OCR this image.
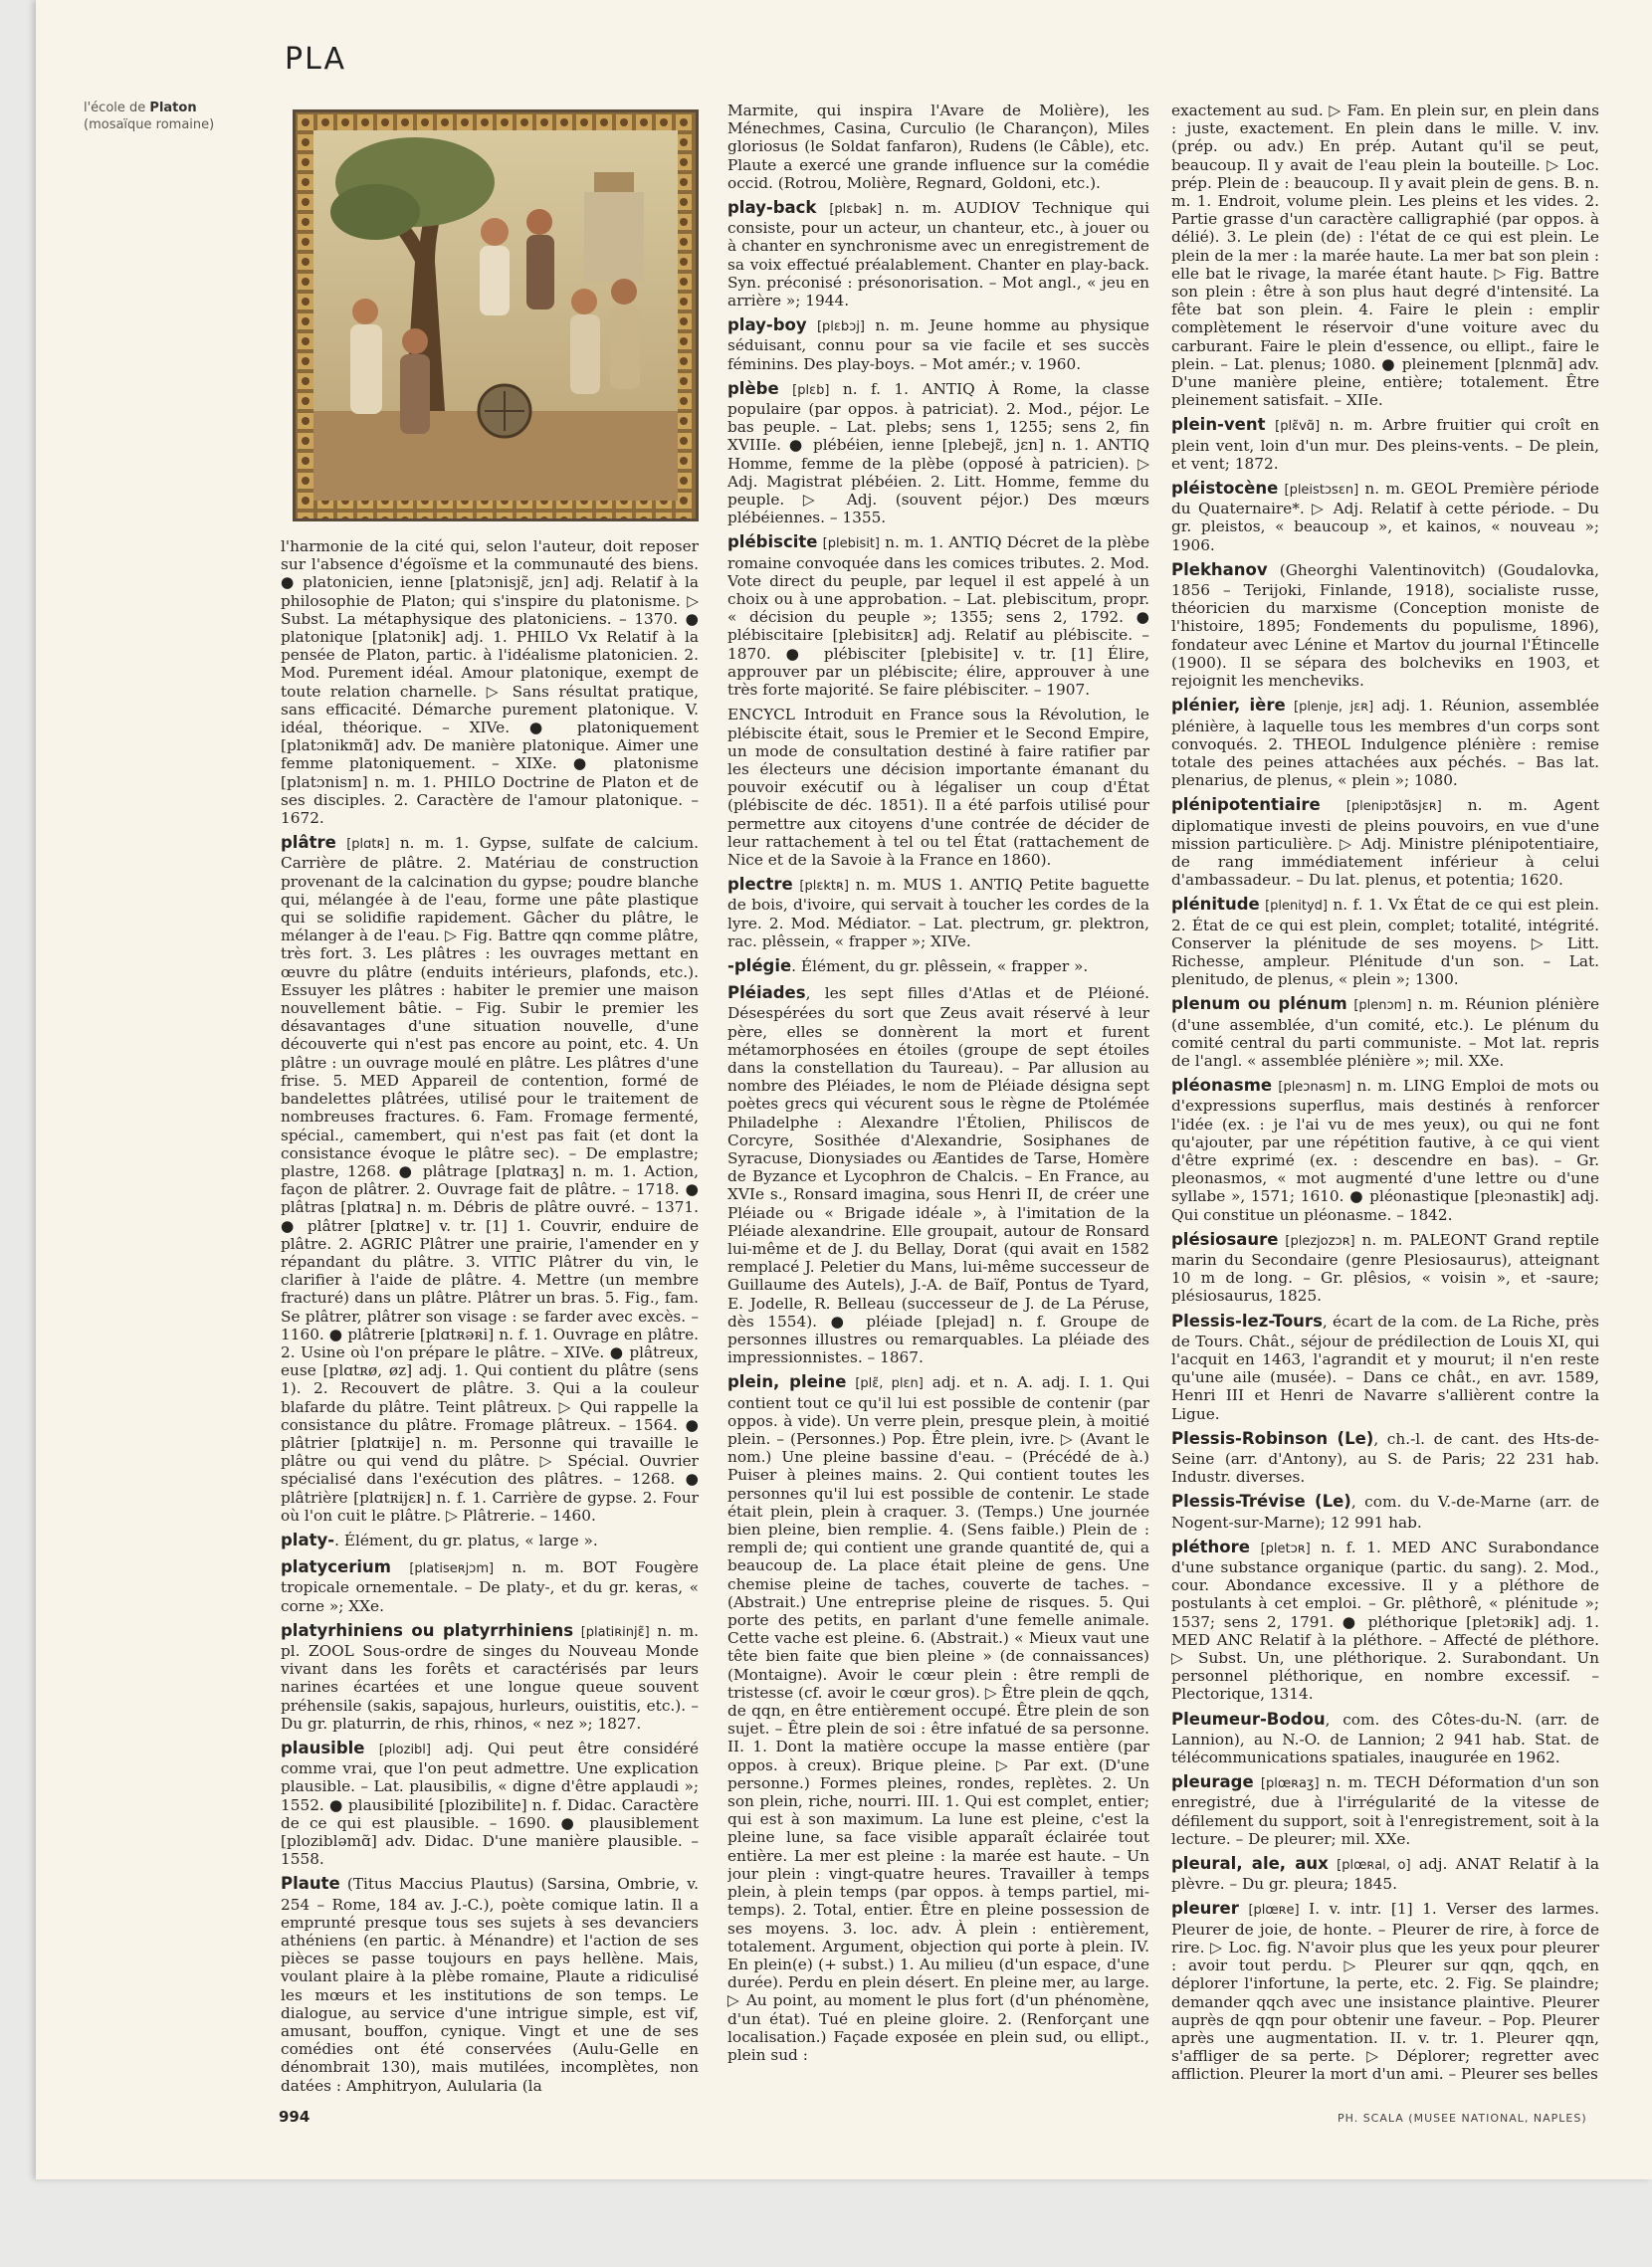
PLA
l'école de Platon
(mosaïque romaine)

l'harmonie de la cité qui, selon l'auteur, doit reposer sur l'absence d'égoïsme et la communauté des biens. ● platonicien, ienne [platɔnisjɛ̃, jɛn] adj. Relatif à la philosophie de Platon; qui s'inspire du platonisme. ▷ Subst. La métaphysique des platoniciens. – 1370. ● platonique [platɔnik] adj. 1. PHILO Vx Relatif à la pensée de Platon, partic. à l'idéalisme platonicien. 2. Mod. Purement idéal. Amour platonique, exempt de toute relation charnelle. ▷ Sans résultat pratique, sans efficacité. Démarche purement platonique. V. idéal, théorique. – XIVe. ● platoniquement [platɔnikmɑ̃] adv. De manière platonique. Aimer une femme platoniquement. – XIXe. ● platonisme [platɔnism] n. m. 1. PHILO Doctrine de Platon et de ses disciples. 2. Caractère de l'amour platonique. – 1672.

plâtre [plɑtʀ] n. m. 1. Gypse, sulfate de calcium. Carrière de plâtre. 2. Matériau de construction provenant de la calcination du gypse; poudre blanche qui, mélangée à de l'eau, forme une pâte plastique qui se solidifie rapidement. Gâcher du plâtre, le mélanger à de l'eau. ▷ Fig. Battre qqn comme plâtre, très fort. 3. Les plâtres : les ouvrages mettant en œuvre du plâtre (enduits intérieurs, plafonds, etc.). Essuyer les plâtres : habiter le premier une maison nouvellement bâtie. – Fig. Subir le premier les désavantages d'une situation nouvelle, d'une découverte qui n'est pas encore au point, etc. 4. Un plâtre : un ouvrage moulé en plâtre. Les plâtres d'une frise. 5. MED Appareil de contention, formé de bandelettes plâtrées, utilisé pour le traitement de nombreuses fractures. 6. Fam. Fromage fermenté, spécial., camembert, qui n'est pas fait (et dont la consistance évoque le plâtre sec). – De emplastre; plastre, 1268. ● plâtrage [plɑtʀaʒ] n. m. 1. Action, façon de plâtrer. 2. Ouvrage fait de plâtre. – 1718. ● plâtras [plɑtʀa] n. m. Débris de plâtre ouvré. – 1371. ● plâtrer [plɑtʀe] v. tr. [1] 1. Couvrir, enduire de plâtre. 2. AGRIC Plâtrer une prairie, l'amender en y répandant du plâtre. 3. VITIC Plâtrer du vin, le clarifier à l'aide de plâtre. 4. Mettre (un membre fracturé) dans un plâtre. Plâtrer un bras. 5. Fig., fam. Se plâtrer, plâtrer son visage : se farder avec excès. – 1160. ● plâtrerie [plɑtʀəʀi] n. f. 1. Ouvrage en plâtre. 2. Usine où l'on prépare le plâtre. – XIVe. ● plâtreux, euse [plɑtʀø, øz] adj. 1. Qui contient du plâtre (sens 1). 2. Recouvert de plâtre. 3. Qui a la couleur blafarde du plâtre. Teint plâtreux. ▷ Qui rappelle la consistance du plâtre. Fromage plâtreux. – 1564. ● plâtrier [plɑtʀije] n. m. Personne qui travaille le plâtre ou qui vend du plâtre. ▷ Spécial. Ouvrier spécialisé dans l'exécution des plâtres. – 1268. ● plâtrière [plɑtʀijɛʀ] n. f. 1. Carrière de gypse. 2. Four où l'on cuit le plâtre. ▷ Plâtrerie. – 1460.

platy-. Élément, du gr. platus, « large ».

platycerium [platiseʀjɔm] n. m. BOT Fougère tropicale ornementale. – De platy-, et du gr. keras, « corne »; XXe.

platyrhiniens ou platyrrhiniens [platiʀinjɛ̃] n. m. pl. ZOOL Sous-ordre de singes du Nouveau Monde vivant dans les forêts et caractérisés par leurs narines écartées et une longue queue souvent préhensile (sakis, sapajous, hurleurs, ouistitis, etc.). – Du gr. platurrin, de rhis, rhinos, « nez »; 1827.

plausible [plozibl] adj. Qui peut être considéré comme vrai, que l'on peut admettre. Une explication plausible. – Lat. plausibilis, « digne d'être applaudi »; 1552. ● plausibilité [plozibilite] n. f. Didac. Caractère de ce qui est plausible. – 1690. ● plausiblement [plozibləmɑ̃] adv. Didac. D'une manière plausible. – 1558.

Plaute (Titus Maccius Plautus) (Sarsina, Ombrie, v. 254 – Rome, 184 av. J.-C.), poète comique latin. Il a emprunté presque tous ses sujets à ses devanciers athéniens (en partic. à Ménandre) et l'action de ses pièces se passe toujours en pays hellène. Mais, voulant plaire à la plèbe romaine, Plaute a ridiculisé les mœurs et les institutions de son temps. Le dialogue, au service d'une intrigue simple, est vif, amusant, bouffon, cynique. Vingt et une de ses comédies ont été conservées (Aulu-Gelle en dénombrait 130), mais mutilées, incomplètes, non datées : Amphitryon, Aulularia (la

Marmite, qui inspira l'Avare de Molière), les Ménechmes, Casina, Curculio (le Charançon), Miles gloriosus (le Soldat fanfaron), Rudens (le Câble), etc. Plaute a exercé une grande influence sur la comédie occid. (Rotrou, Molière, Regnard, Goldoni, etc.).

play-back [plɛbak] n. m. AUDIOV Technique qui consiste, pour un acteur, un chanteur, etc., à jouer ou à chanter en synchronisme avec un enregistrement de sa voix effectué préalablement. Chanter en play-back. Syn. préconisé : présonorisation. – Mot angl., « jeu en arrière »; 1944.

play-boy [plɛbɔj] n. m. Jeune homme au physique séduisant, connu pour sa vie facile et ses succès féminins. Des play-boys. – Mot amér.; v. 1960.

plèbe [plɛb] n. f. 1. ANTIQ À Rome, la classe populaire (par oppos. à patriciat). 2. Mod., péjor. Le bas peuple. – Lat. plebs; sens 1, 1255; sens 2, fin XVIIIe. ● plébéien, ienne [plebejɛ̃, jɛn] n. 1. ANTIQ Homme, femme de la plèbe (opposé à patricien). ▷ Adj. Magistrat plébéien. 2. Litt. Homme, femme du peuple. ▷ Adj. (souvent péjor.) Des mœurs plébéiennes. – 1355.

plébiscite [plebisit] n. m. 1. ANTIQ Décret de la plèbe romaine convoquée dans les comices tributes. 2. Mod. Vote direct du peuple, par lequel il est appelé à un choix ou à une approbation. – Lat. plebiscitum, propr. « décision du peuple »; 1355; sens 2, 1792. ● plébiscitaire [plebisitɛʀ] adj. Relatif au plébiscite. – 1870. ● plébisciter [plebisite] v. tr. [1] Élire, approuver par un plébiscite; élire, approuver à une très forte majorité. Se faire plébisciter. – 1907.

ENCYCL Introduit en France sous la Révolution, le plébiscite était, sous le Premier et le Second Empire, un mode de consultation destiné à faire ratifier par les électeurs une décision importante émanant du pouvoir exécutif ou à légaliser un coup d'État (plébiscite de déc. 1851). Il a été parfois utilisé pour permettre aux citoyens d'une contrée de décider de leur rattachement à tel ou tel État (rattachement de Nice et de la Savoie à la France en 1860).

plectre [plɛktʀ] n. m. MUS 1. ANTIQ Petite baguette de bois, d'ivoire, qui servait à toucher les cordes de la lyre. 2. Mod. Médiator. – Lat. plectrum, gr. plektron, rac. plêssein, « frapper »; XIVe.

-plégie. Élément, du gr. plêssein, « frapper ».

Pléiades, les sept filles d'Atlas et de Pléioné. Désespérées du sort que Zeus avait réservé à leur père, elles se donnèrent la mort et furent métamorphosées en étoiles (groupe de sept étoiles dans la constellation du Taureau). – Par allusion au nombre des Pléiades, le nom de Pléiade désigna sept poètes grecs qui vécurent sous le règne de Ptolémée Philadelphe : Alexandre l'Étolien, Philiscos de Corcyre, Sosithée d'Alexandrie, Sosiphanes de Syracuse, Dionysiades ou Æantides de Tarse, Homère de Byzance et Lycophron de Chalcis. – En France, au XVIe s., Ronsard imagina, sous Henri II, de créer une Pléiade ou « Brigade idéale », à l'imitation de la Pléiade alexandrine. Elle groupait, autour de Ronsard lui-même et de J. du Bellay, Dorat (qui avait en 1582 remplacé J. Peletier du Mans, lui-même successeur de Guillaume des Autels), J.-A. de Baïf, Pontus de Tyard, E. Jodelle, R. Belleau (successeur de J. de La Péruse, dès 1554). ● pléiade [plejad] n. f. Groupe de personnes illustres ou remarquables. La pléiade des impressionnistes. – 1867.

plein, pleine [plɛ̃, plɛn] adj. et n. A. adj. I. 1. Qui contient tout ce qu'il lui est possible de contenir (par oppos. à vide). Un verre plein, presque plein, à moitié plein. – (Personnes.) Pop. Être plein, ivre. ▷ (Avant le nom.) Une pleine bassine d'eau. – (Précédé de à.) Puiser à pleines mains. 2. Qui contient toutes les personnes qu'il lui est possible de contenir. Le stade était plein, plein à craquer. 3. (Temps.) Une journée bien pleine, bien remplie. 4. (Sens faible.) Plein de : rempli de; qui contient une grande quantité de, qui a beaucoup de. La place était pleine de gens. Une chemise pleine de taches, couverte de taches. – (Abstrait.) Une entreprise pleine de risques. 5. Qui porte des petits, en parlant d'une femelle animale. Cette vache est pleine. 6. (Abstrait.) « Mieux vaut une tête bien faite que bien pleine » (de connaissances) (Montaigne). Avoir le cœur plein : être rempli de tristesse (cf. avoir le cœur gros). ▷ Être plein de qqch, de qqn, en être entièrement occupé. Être plein de son sujet. – Être plein de soi : être infatué de sa personne. II. 1. Dont la matière occupe la masse entière (par oppos. à creux). Brique pleine. ▷ Par ext. (D'une personne.) Formes pleines, rondes, replètes. 2. Un son plein, riche, nourri. III. 1. Qui est complet, entier; qui est à son maximum. La lune est pleine, c'est la pleine lune, sa face visible apparaît éclairée tout entière. La mer est pleine : la marée est haute. – Un jour plein : vingt-quatre heures. Travailler à temps plein, à plein temps (par oppos. à temps partiel, mi-temps). 2. Total, entier. Être en pleine possession de ses moyens. 3. loc. adv. À plein : entièrement, totalement. Argument, objection qui porte à plein. IV. En plein(e) (+ subst.) 1. Au milieu (d'un espace, d'une durée). Perdu en plein désert. En pleine mer, au large. ▷ Au point, au moment le plus fort (d'un phénomène, d'un état). Tué en pleine gloire. 2. (Renforçant une localisation.) Façade exposée en plein sud, ou ellipt., plein sud :

exactement au sud. ▷ Fam. En plein sur, en plein dans : juste, exactement. En plein dans le mille. V. inv. (prép. ou adv.) En prép. Autant qu'il se peut, beaucoup. Il y avait de l'eau plein la bouteille. ▷ Loc. prép. Plein de : beaucoup. Il y avait plein de gens. B. n. m. 1. Endroit, volume plein. Les pleins et les vides. 2. Partie grasse d'un caractère calligraphié (par oppos. à délié). 3. Le plein (de) : l'état de ce qui est plein. Le plein de la mer : la marée haute. La mer bat son plein : elle bat le rivage, la marée étant haute. ▷ Fig. Battre son plein : être à son plus haut degré d'intensité. La fête bat son plein. 4. Faire le plein : emplir complètement le réservoir d'une voiture avec du carburant. Faire le plein d'essence, ou ellipt., faire le plein. – Lat. plenus; 1080. ● pleinement [plɛnmɑ̃] adv. D'une manière pleine, entière; totalement. Être pleinement satisfait. – XIIe.

plein-vent [plɛ̃vɑ̃] n. m. Arbre fruitier qui croît en plein vent, loin d'un mur. Des pleins-vents. – De plein, et vent; 1872.

pléistocène [pleistɔsɛn] n. m. GEOL Première période du Quaternaire*. ▷ Adj. Relatif à cette période. – Du gr. pleistos, « beaucoup », et kainos, « nouveau »; 1906.

Plekhanov (Gheorghi Valentinovitch) (Goudalovka, 1856 – Terijoki, Finlande, 1918), socialiste russe, théoricien du marxisme (Conception moniste de l'histoire, 1895; Fondements du populisme, 1896), fondateur avec Lénine et Martov du journal l'Étincelle (1900). Il se sépara des bolcheviks en 1903, et rejoignit les mencheviks.

plénier, ière [plenje, jɛʀ] adj. 1. Réunion, assemblée plénière, à laquelle tous les membres d'un corps sont convoqués. 2. THEOL Indulgence plénière : remise totale des peines attachées aux péchés. – Bas lat. plenarius, de plenus, « plein »; 1080.

plénipotentiaire [plenipɔtɑ̃sjɛʀ] n. m. Agent diplomatique investi de pleins pouvoirs, en vue d'une mission particulière. ▷ Adj. Ministre plénipotentiaire, de rang immédiatement inférieur à celui d'ambassadeur. – Du lat. plenus, et potentia; 1620.

plénitude [plenityd] n. f. 1. Vx État de ce qui est plein. 2. État de ce qui est plein, complet; totalité, intégrité. Conserver la plénitude de ses moyens. ▷ Litt. Richesse, ampleur. Plénitude d'un son. – Lat. plenitudo, de plenus, « plein »; 1300.

plenum ou plénum [plenɔm] n. m. Réunion plénière (d'une assemblée, d'un comité, etc.). Le plénum du comité central du parti communiste. – Mot lat. repris de l'angl. « assemblée plénière »; mil. XXe.

pléonasme [pleɔnasm] n. m. LING Emploi de mots ou d'expressions superflus, mais destinés à renforcer l'idée (ex. : je l'ai vu de mes yeux), ou qui ne font qu'ajouter, par une répétition fautive, à ce qui vient d'être exprimé (ex. : descendre en bas). – Gr. pleonasmos, « mot augmenté d'une lettre ou d'une syllabe », 1571; 1610. ● pléonastique [pleɔnastik] adj. Qui constitue un pléonasme. – 1842.

plésiosaure [plezjozɔʀ] n. m. PALEONT Grand reptile marin du Secondaire (genre Plesiosaurus), atteignant 10 m de long. – Gr. plêsios, « voisin », et -saure; plésiosaurus, 1825.

Plessis-lez-Tours, écart de la com. de La Riche, près de Tours. Chât., séjour de prédilection de Louis XI, qui l'acquit en 1463, l'agrandit et y mourut; il n'en reste qu'une aile (musée). – Dans ce chât., en avr. 1589, Henri III et Henri de Navarre s'allièrent contre la Ligue.

Plessis-Robinson (Le), ch.-l. de cant. des Hts-de-Seine (arr. d'Antony), au S. de Paris; 22 231 hab. Industr. diverses.

Plessis-Trévise (Le), com. du V.-de-Marne (arr. de Nogent-sur-Marne); 12 991 hab.

pléthore [pletɔʀ] n. f. 1. MED ANC Surabondance d'une substance organique (partic. du sang). 2. Mod., cour. Abondance excessive. Il y a pléthore de postulants à cet emploi. – Gr. plêthorê, « plénitude »; 1537; sens 2, 1791. ● pléthorique [pletɔʀik] adj. 1. MED ANC Relatif à la pléthore. – Affecté de pléthore. ▷ Subst. Un, une pléthorique. 2. Surabondant. Un personnel pléthorique, en nombre excessif. – Plectorique, 1314.

Pleumeur-Bodou, com. des Côtes-du-N. (arr. de Lannion), au N.-O. de Lannion; 2 941 hab. Stat. de télécommunications spatiales, inaugurée en 1962.

pleurage [plœʀaʒ] n. m. TECH Déformation d'un son enregistré, due à l'irrégularité de la vitesse de défilement du support, soit à l'enregistrement, soit à la lecture. – De pleurer; mil. XXe.

pleural, ale, aux [plœʀal, o] adj. ANAT Relatif à la plèvre. – Du gr. pleura; 1845.

pleurer [plœʀe] I. v. intr. [1] 1. Verser des larmes. Pleurer de joie, de honte. – Pleurer de rire, à force de rire. ▷ Loc. fig. N'avoir plus que les yeux pour pleurer : avoir tout perdu. ▷ Pleurer sur qqn, qqch, en déplorer l'infortune, la perte, etc. 2. Fig. Se plaindre; demander qqch avec une insistance plaintive. Pleurer auprès de qqn pour obtenir une faveur. – Pop. Pleurer après une augmentation. II. v. tr. 1. Pleurer qqn, s'affliger de sa perte. ▷ Déplorer; regretter avec affliction. Pleurer la mort d'un ami. – Pleurer ses belles

994	PH. SCALA (MUSEE NATIONAL, NAPLES)
